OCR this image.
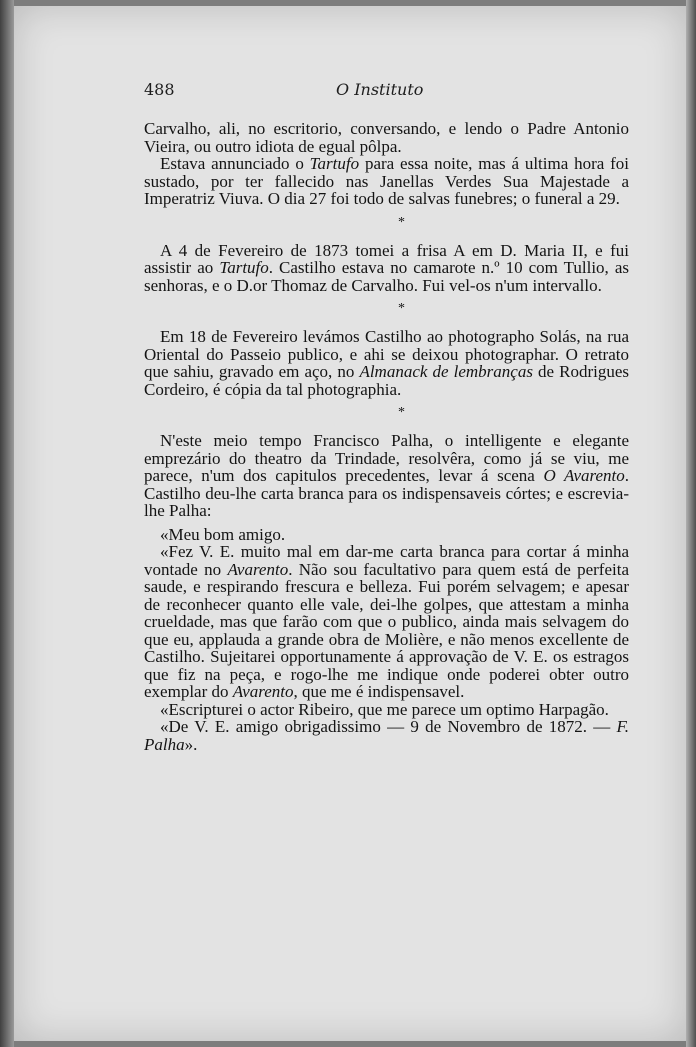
488	O Instituto

Carvalho, ali, no escritorio, conversando, e lendo o Padre Antonio Vieira, ou outro idiota de egual pôlpa.

Estava annunciado o Tartufo para essa noite, mas á ultima hora foi sustado, por ter fallecido nas Janellas Verdes Sua Majestade a Imperatriz Viuva. O dia 27 foi todo de salvas funebres; o funeral a 29.

*

A 4 de Fevereiro de 1873 tomei a frisa A em D. Maria II, e fui assistir ao Tartufo. Castilho estava no camarote n.º 10 com Tullio, as senhoras, e o D.or Thomaz de Carvalho. Fui vel-os n'um intervallo.

*

Em 18 de Fevereiro levámos Castilho ao photographo Solás, na rua Oriental do Passeio publico, e ahi se deixou photographar. O retrato que sahiu, gravado em aço, no Almanack de lembranças de Rodrigues Cordeiro, é cópia da tal photographia.

*

N'este meio tempo Francisco Palha, o intelligente e elegante emprezário do theatro da Trindade, resolvêra, como já se viu, me parece, n'um dos capitulos precedentes, levar á scena O Avarento. Castilho deu-lhe carta branca para os indispensaveis córtes; e escrevia-lhe Palha:

«Meu bom amigo.

«Fez V. E. muito mal em dar-me carta branca para cortar á minha vontade no Avarento. Não sou facultativo para quem está de perfeita saude, e respirando frescura e belleza. Fui porém selvagem; e apesar de reconhecer quanto elle vale, dei-lhe golpes, que attestam a minha crueldade, mas que farão com que o publico, ainda mais selvagem do que eu, applauda a grande obra de Molière, e não menos excellente de Castilho. Sujeitarei opportunamente á approvação de V. E. os estragos que fiz na peça, e rogo-lhe me indique onde poderei obter outro exemplar do Avarento, que me é indispensavel.

«Escripturei o actor Ribeiro, que me parece um optimo Harpagão.

«De V. E. amigo obrigadissimo — 9 de Novembro de 1872. — F. Palha».
